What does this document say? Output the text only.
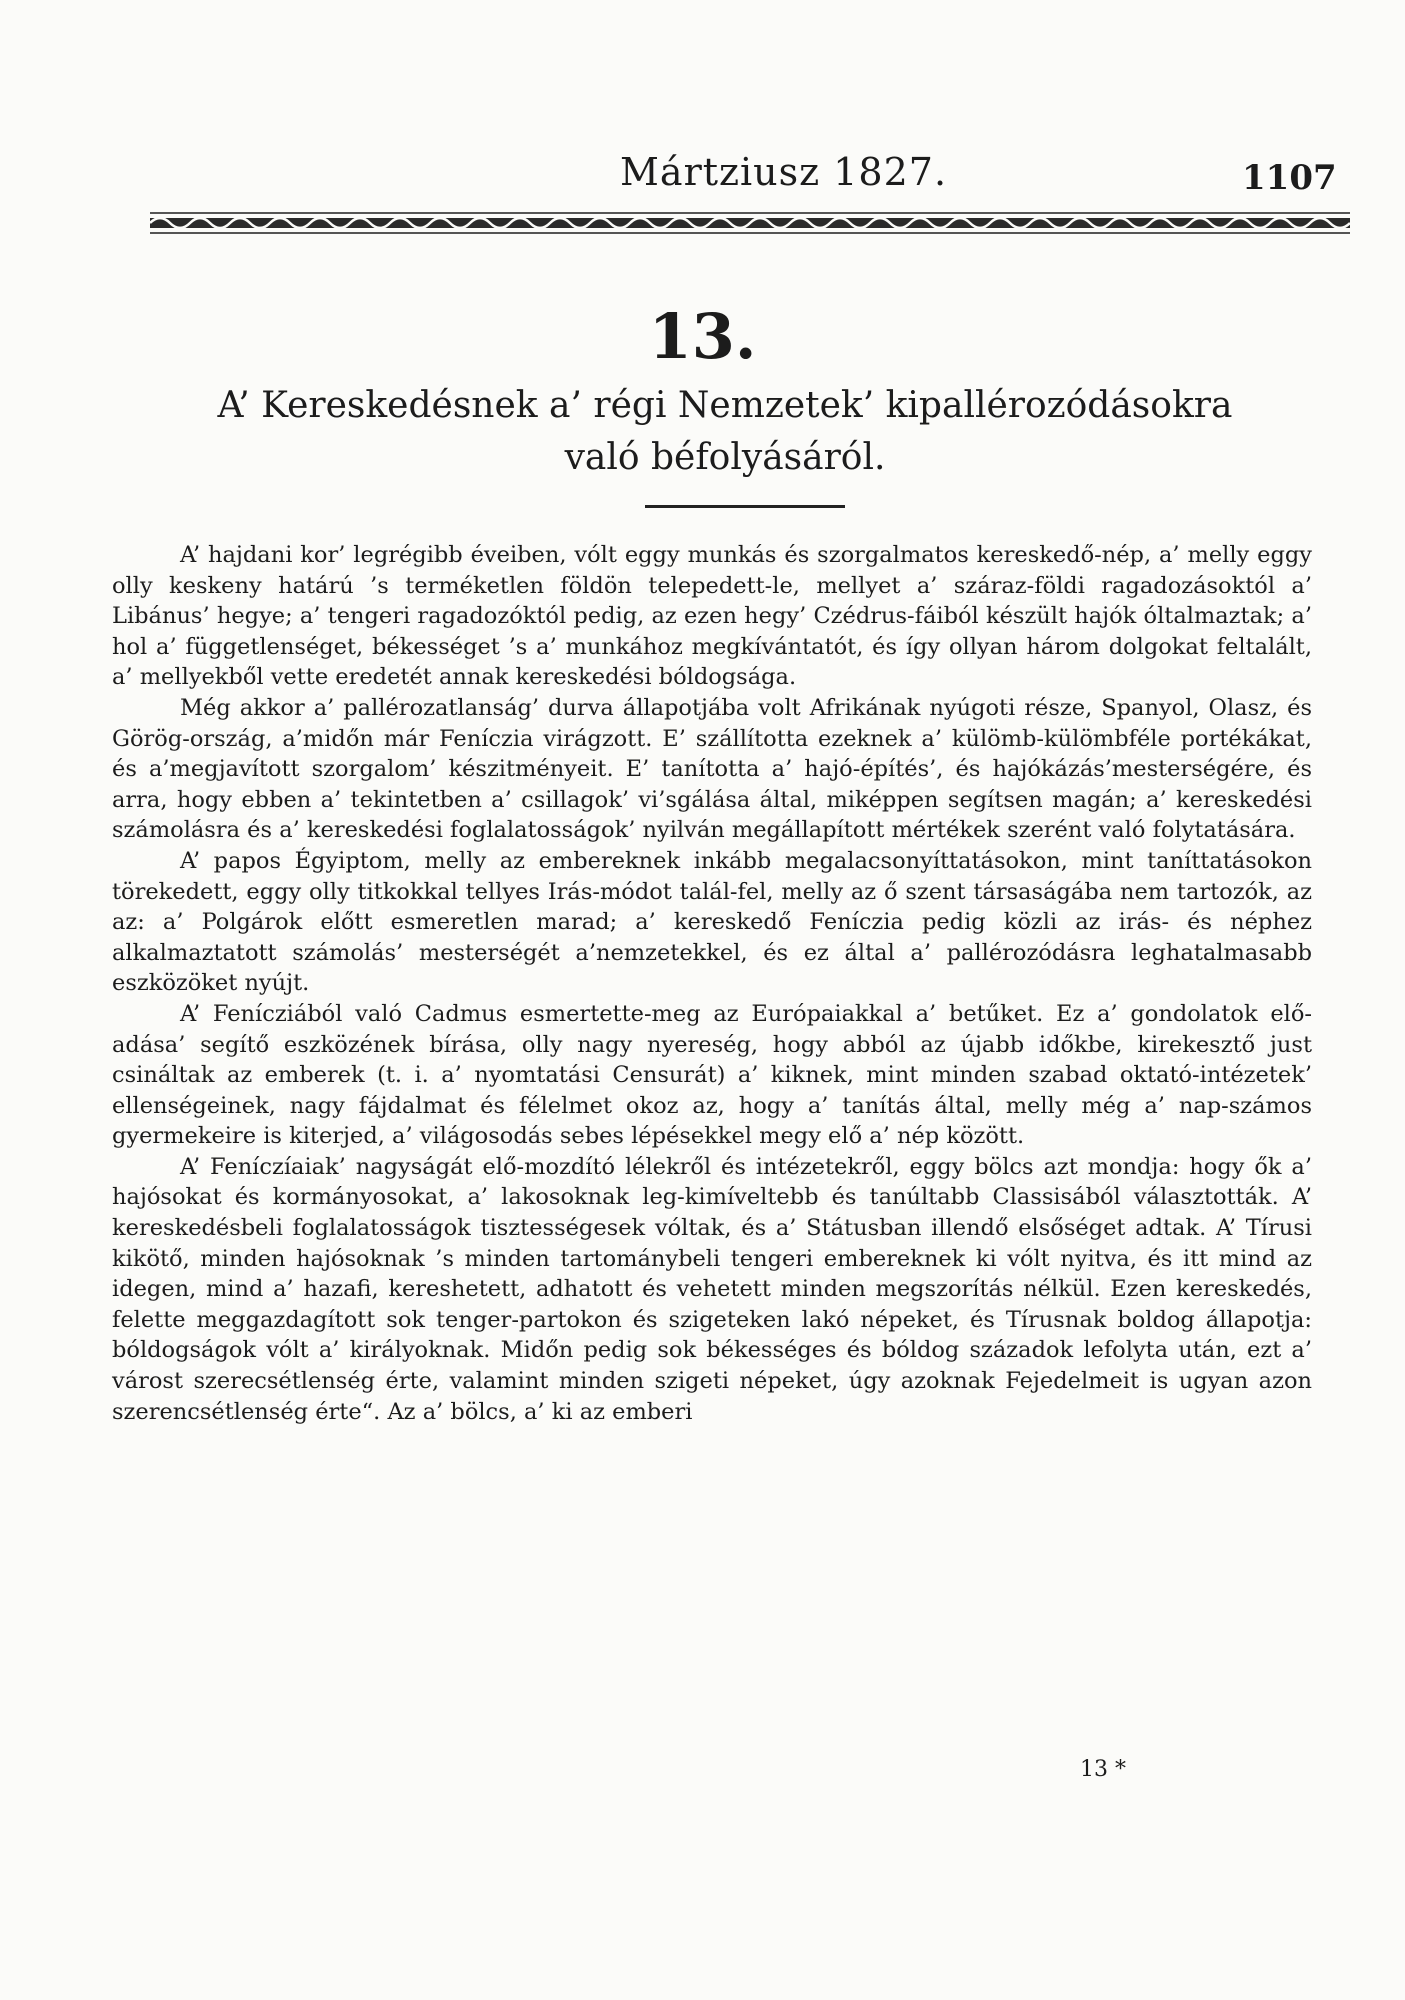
Mártziusz 1827.	1107
13.
A’ Kereskedésnek a’ régi Nemzetek’ kipallérozódásokra
való béfolyásáról.

A’ hajdani kor’ legrégibb éveiben, vólt eggy munkás és szorgalmatos kereskedő-nép, a’ melly eggy olly keskeny határú ’s terméketlen földön telepedett-le, mellyet a’ száraz-földi ragadozásoktól a’ Libánus’ hegye; a’ tengeri ragadozóktól pedig, az ezen hegy’ Czédrus-fáiból készült hajók óltalmaztak; a’ hol a’ függetlenséget, békességet ’s a’ munkához megkívántatót, és így ollyan három dolgokat feltalált, a’ mellyekből vette eredetét annak kereskedési bóldogsága.

Még akkor a’ pallérozatlanság’ durva állapotjába volt Afrikának nyúgoti része, Spanyol, Olasz, és Görög-ország, a’midőn már Feníczia virágzott. E’ szállította ezeknek a’ külömb-külömbféle portékákat, és a’megjavított szorgalom’ készitményeit. E’ tanította a’ hajó-építés’, és hajókázás’mesterségére, és arra, hogy ebben a’ tekintetben a’ csillagok’ vi’sgálása által, miképpen segítsen magán; a’ kereskedési számolásra és a’ kereskedési foglalatosságok’ nyilván megállapított mértékek szerént való folytatására.

A’ papos Égyiptom, melly az embereknek inkább megalacsonyíttatásokon, mint taníttatásokon törekedett, eggy olly titkokkal tellyes Irás-módot talál-fel, melly az ő szent társaságába nem tartozók, az az: a’ Polgárok előtt esmeretlen marad; a’ kereskedő Feníczia pedig közli az irás- és néphez alkalmaztatott számolás’ mesterségét a’nemzetekkel, és ez által a’ pallérozódásra leghatalmasabb eszközöket nyújt.

A’ Fenícziából való Cadmus esmertette-meg az Európaiakkal a’ betűket. Ez a’ gondolatok elő-adása’ segítő eszközének bírása, olly nagy nyereség, hogy abból az újabb időkbe, kirekesztő just csináltak az emberek (t. i. a’ nyomtatási Censurát) a’ kiknek, mint minden szabad oktató-intézetek’ ellenségeinek, nagy fájdalmat és félelmet okoz az, hogy a’ tanítás által, melly még a’ nap-számos gyermekeire is kiterjed, a’ világosodás sebes lépésekkel megy elő a’ nép között.

A’ Feníczíaiak’ nagyságát elő-mozdító lélekről és intézetekről, eggy bölcs azt mondja: hogy ők a’ hajósokat és kormányosokat, a’ lakosoknak leg-kimíveltebb és tanúltabb Classisából választották. A’ kereskedésbeli foglalatosságok tisztességesek vóltak, és a’ Státusban illendő elsőséget adtak. A’ Tírusi kikötő, minden hajósoknak ’s minden tartománybeli tengeri embereknek ki vólt nyitva, és itt mind az idegen, mind a’ hazafi, kereshetett, adhatott és vehetett minden megszorítás nélkül. Ezen kereskedés, felette meggazdagított sok tenger-partokon és szigeteken lakó népeket, és Tírusnak boldog állapotja: bóldogságok vólt a’ királyoknak. Midőn pedig sok békességes és bóldog századok lefolyta után, ezt a’ várost szerecsétlenség érte, valamint minden szigeti népeket, úgy azoknak Fejedelmeit is ugyan azon szerencsétlenség érte“. Az a’ bölcs, a’ ki az emberi

13 *
